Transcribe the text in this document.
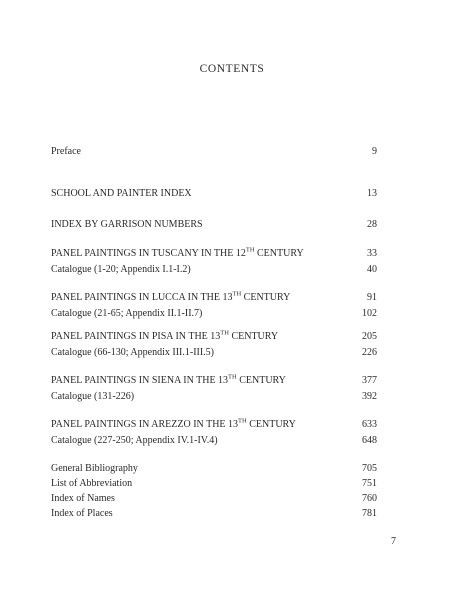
CONTENTS
Preface	9
SCHOOL AND PAINTER INDEX	13
INDEX BY GARRISON NUMBERS	28
PANEL PAINTINGS IN TUSCANY IN THE 12TH CENTURY	33
Catalogue (1-20; Appendix I.1-I.2)	40
PANEL PAINTINGS IN LUCCA IN THE 13TH CENTURY	91
Catalogue (21-65; Appendix II.1-II.7)	102
PANEL PAINTINGS IN PISA IN THE 13TH CENTURY	205
Catalogue (66-130; Appendix III.1-III.5)	226
PANEL PAINTINGS IN SIENA IN THE 13TH CENTURY	377
Catalogue (131-226)	392
PANEL PAINTINGS IN AREZZO IN THE 13TH CENTURY	633
Catalogue (227-250; Appendix IV.1-IV.4)	648
General Bibliography	705
List of Abbreviation	751
Index of Names	760
Index of Places	781
7
